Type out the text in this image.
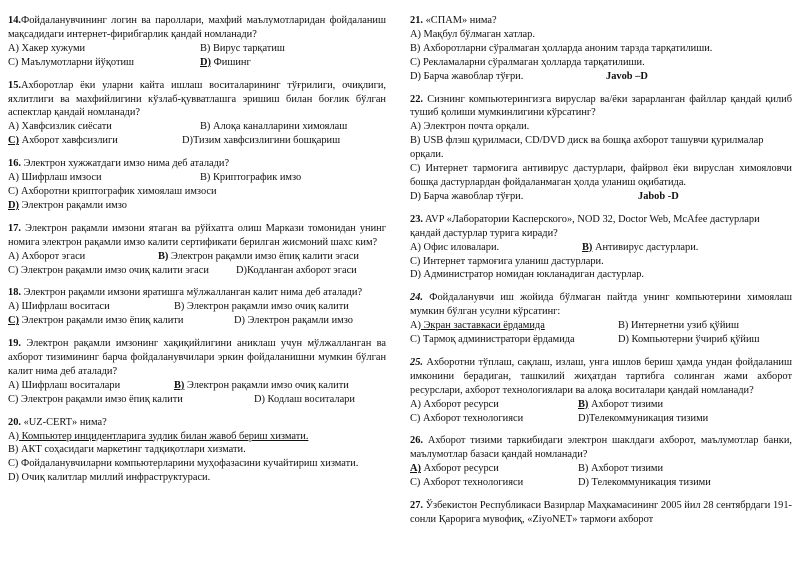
14.Фойдаланувчининг логин ва пароллари, махфий маълумотларидан фойдаланиш мақсадидаги интернет-фирибгарлик қандай номланади?

А) Хакер хужуми	B) Вирус тарқатиш
C) Маълумотларни йўқотиш	D) Фишинг

15.Ахборотлар ёки уларни кайта ишлаш воситаларининг тўғрилиги, очиқлиги, яхлитлиги ва махфийлигини кўзлаб-қувватлашга эришиш билан боғлик бўлган аспектлар қандай номланади?

А) Хавфсизлик сиёсати	B) Алоқа каналларини химоялаш
C) Ахборот хавфсизлиги	D)Тизим хавфсизлигини бошқариш

16. Электрон хужжатдаги имзо нима деб аталади?

А) Шифрлаш имзоси	B) Криптографик имзо
C) Ахборотни криптографик химоялаш имзоси
D) Электрон рақамли имзо

17. Электрон рақамли имзони ятаган ва рўйхатга олиш Маркази томонидан унинг номига электрон рақамли имзо калити сертификати берилган жисмоний шахс ким?

А) Ахборот эгаси	B) Электрон рақамли имзо ёпиқ калити эгаси
C) Электрон рақамли имзо очиқ калити эгаси	D)Кодланган ахборот эгаси

18. Электрон рақамли имзони яратишга мўлжалланган калит нима деб аталади?

А) Шифрлаш воситаси	B) Электрон рақамли имзо очиқ калити
C) Электрон рақамли имзо ёпиқ калити	D) Электрон рақамли имзо

19. Электрон рақамли имзонинг хақиқийлигини аниклаш учун мўлжалланган ва ахборот тизимининг барча фойдаланувчилари эркин фойдаланишни мумкин бўлган калит нима деб аталади?

А) Шифрлаш воситалари	B) Электрон рақамли имзо очиқ калити
C) Электрон рақамли имзо ёпиқ калити	D) Кодлаш воситалари

20. «UZ-CERT» нима?

А) Компьютер инцидентларига зудлик билан жавоб бериш хизмати.
B) АКТ соҳасидаги маркетинг тадқиқотлари хизмати.
C) Фойдаланувчиларни компьютерларини муҳофазасини кучайтириш хизмати.
D) Очиқ калитлар миллий инфраструктураси.

21. «СПАМ» нима?

А) Мақбул бўлмаган хатлар.
B) Ахборотларни сўралмаган ҳолларда аноним тарзда тарқатилиши.
C) Рекламаларни сўралмаган ҳолларда тарқатилиши.
D) Барча жавоблар тўғри.	Javob –D

22. Сизнинг компьютерингизга вируслар ва/ёки зарарланган файллар қандай қилиб тушиб қолиши мумкинлигини кўрсатинг?

А) Электрон почта орқали.
B) USB флэш қурилмаси, CD/DVD диск ва бошқа ахборот ташувчи қурилмалар орқали.
C) Интернет тармоғига антивирус дастурлари, файрвол ёки вируслан химояловчи бошқа дастурлардан фойдаланмаган ҳолда уланиш оқибатида.
D) Барча жавоблар тўғри.	Jabob -D

23. AVP «Лаборатории Касперского», NOD 32, Doctor Web, McAfee дастурлари қандай дастурлар турига киради?

А) Офис иловалари.	B) Антивирус дастурлари.
C) Интернет тармоғига уланиш дастурлари.
D) Администратор номидан юкланадиган дастурлар.

24. Фойдаланувчи иш жойида бўлмаган пайтда унинг компьютерини химоялаш мумкин бўлган усулни кўрсатинг:

А) Экран заставкаси ёрдамида	B) Интернетни узиб қўйиш
C) Тармоқ администратори ёрдамида	D) Компьютерни ўчириб қўйиш

25. Ахборотни тўплаш, сақлаш, излаш, унга ишлов бериш ҳамда ундан фойдаланиш имконини берадиган, ташкилий жиҳатдан тартибга солинган жами ахборот ресурслари, ахборот технологиялари ва алоқа воситалари қандай номланади?

А) Ахборот ресурси	B) Ахборот тизими
C) Ахборот технологияси	D)Телекоммуникация тизими

26. Ахборот тизими таркибидаги электрон шаклдаги ахборот, маълумотлар банки, маълумотлар базаси қандай номланади?

А) Ахборот ресурси	B) Ахборот тизими
C) Ахборот технологияси	D) Телекоммуникация тизими

27. Ўзбекистон Республикаси Вазирлар Маҳкамасининг 2005 йил 28 сентябрдаги 191-сонли Қарорига мувофиқ, «ZiyoNET» тармоғи ахборот
